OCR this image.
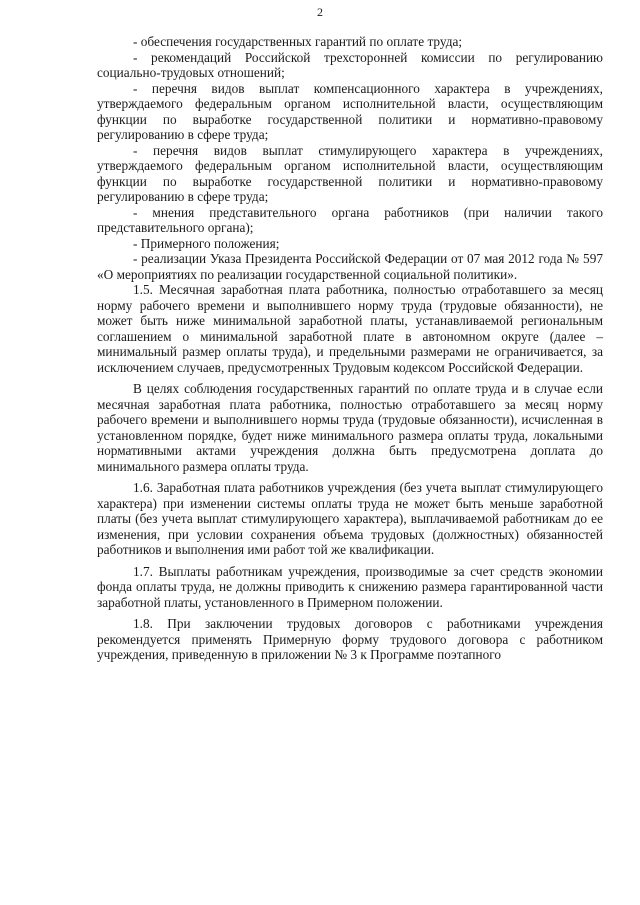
2

- обеспечения государственных гарантий по оплате труда;

- рекомендаций Российской трехсторонней комиссии по регулированию социально-трудовых отношений;

- перечня видов выплат компенсационного характера в учреждениях, утверждаемого федеральным органом исполнительной власти, осуществляющим функции по выработке государственной политики и нормативно-правовому регулированию в сфере труда;

- перечня видов выплат стимулирующего характера в учреждениях, утверждаемого федеральным органом исполнительной власти, осуществляющим функции по выработке государственной политики и нормативно-правовому регулированию в сфере труда;

- мнения представительного органа работников (при наличии такого представительного органа);

- Примерного положения;

- реализации Указа Президента Российской Федерации от 07 мая 2012 года № 597 «О мероприятиях по реализации государственной социальной политики».

1.5. Месячная заработная плата работника, полностью отработавшего за месяц норму рабочего времени и выполнившего норму труда (трудовые обязанности), не может быть ниже минимальной заработной платы, устанавливаемой региональным соглашением о минимальной заработной плате в автономном округе (далее – минимальный размер оплаты труда), и предельными размерами не ограничивается, за исключением случаев, предусмотренных Трудовым кодексом Российской Федерации.

В целях соблюдения государственных гарантий по оплате труда и в случае если месячная заработная плата работника, полностью отработавшего за месяц норму рабочего времени и выполнившего нормы труда (трудовые обязанности), исчисленная в установленном порядке, будет ниже минимального размера оплаты труда, локальными нормативными актами учреждения должна быть предусмотрена доплата до минимального размера оплаты труда.

1.6. Заработная плата работников учреждения (без учета выплат стимулирующего характера) при изменении системы оплаты труда не может быть меньше заработной платы (без учета выплат стимулирующего характера), выплачиваемой работникам до ее изменения, при условии сохранения объема трудовых (должностных) обязанностей работников и выполнения ими работ той же квалификации.

1.7. Выплаты работникам учреждения, производимые за счет средств экономии фонда оплаты труда, не должны приводить к снижению размера гарантированной части заработной платы, установленного в Примерном положении.

1.8. При заключении трудовых договоров с работниками учреждения рекомендуется применять Примерную форму трудового договора с работником учреждения, приведенную в приложении № 3 к Программе поэтапного
